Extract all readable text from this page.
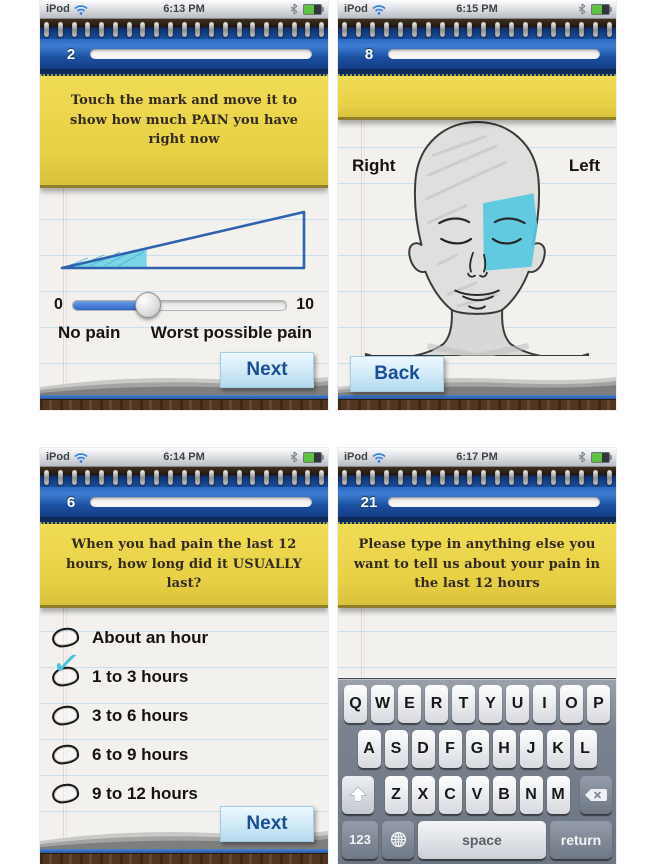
iPod	6:13 PM
2
Touch the mark and move it to show how much PAIN you have right now
0	10
No pain Worst possible pain
Next
iPod	6:15 PM
8
Right	Left
Back
iPod	6:14 PM
6
When you had pain the last 12 hours, how long did it USUALLY last?
About an hour
✓ 1 to 3 hours
3 to 6 hours
6 to 9 hours
9 to 12 hours
Next
iPod	6:17 PM
21
Please type in anything else you want to tell us about your pain in the last 12 hours
Q W E R	T	Y U	I	O P
A S D	F G H	J	K	L
Z	X C V B N M
123	space	return
